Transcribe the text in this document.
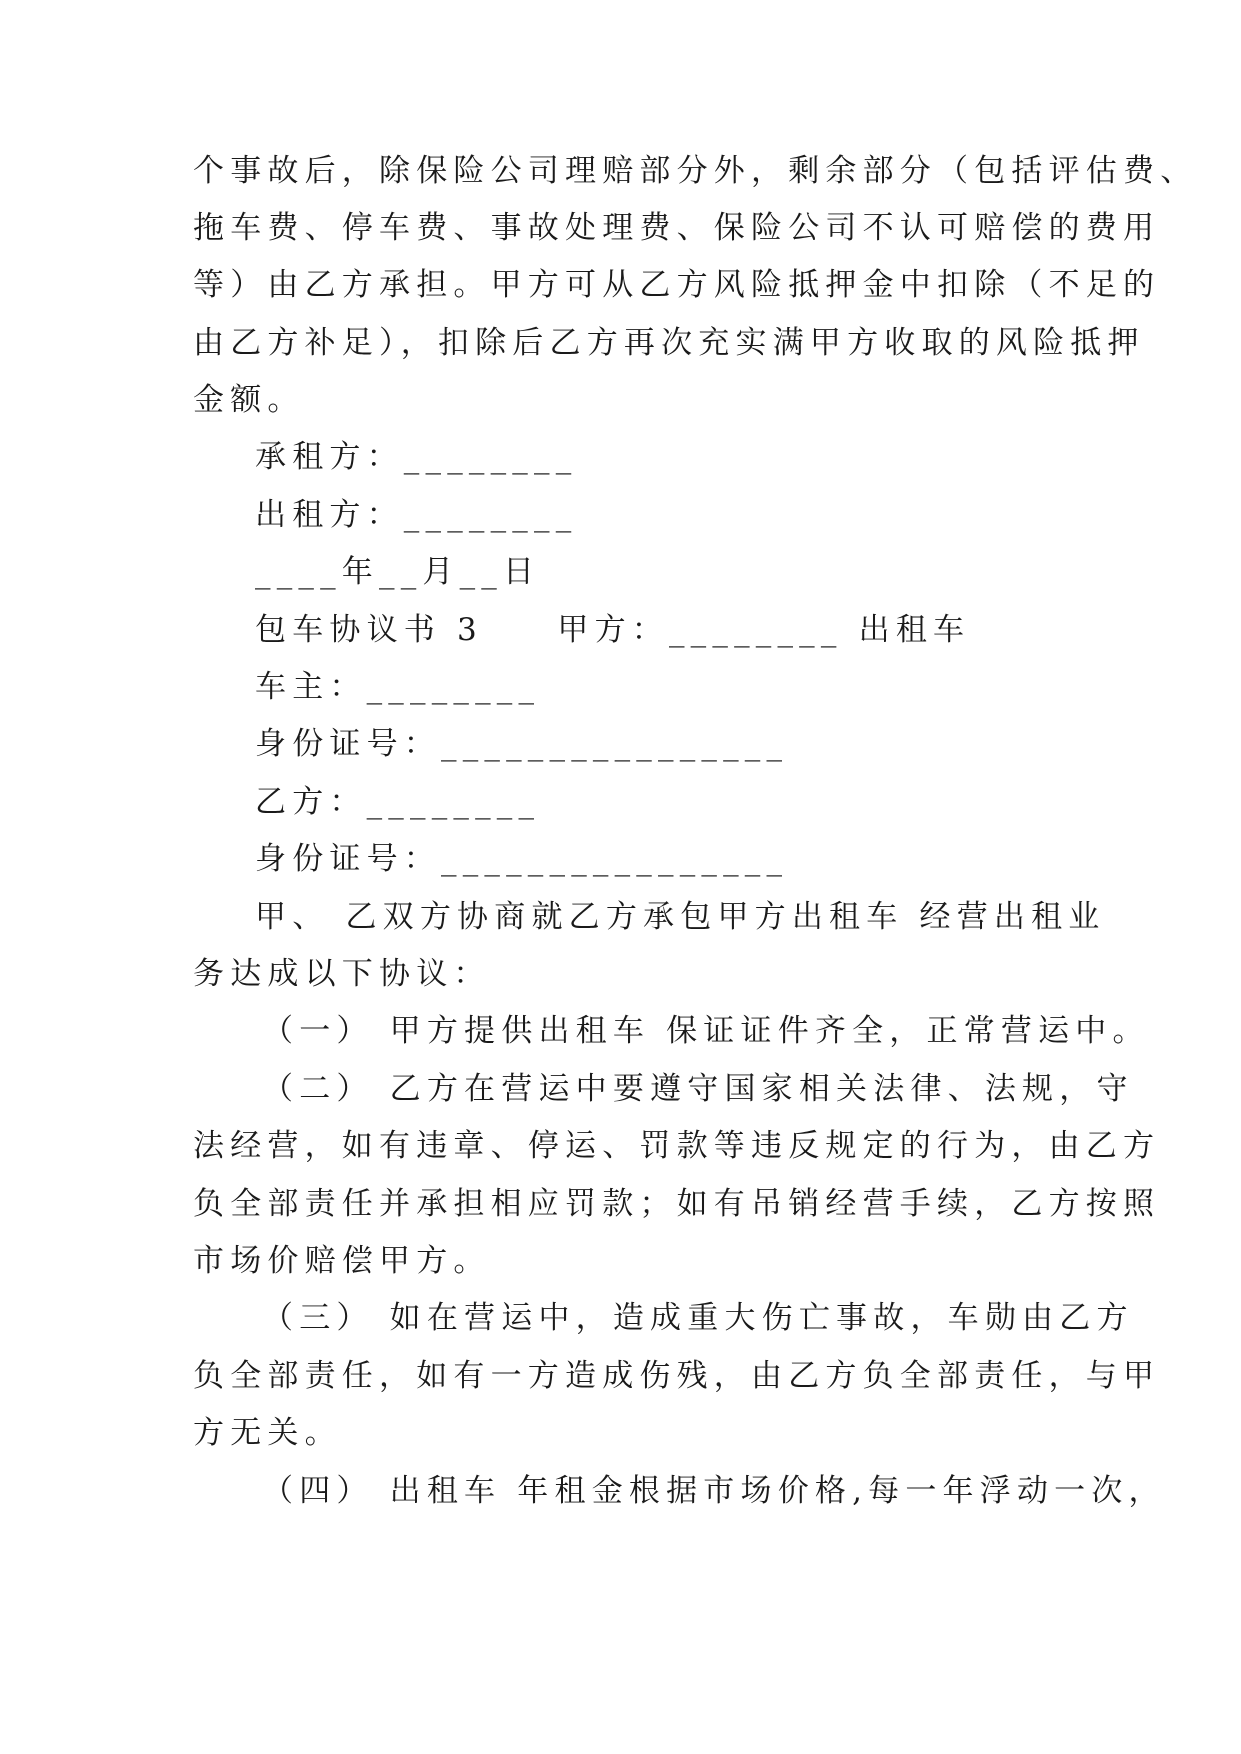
个事故后，除保险公司理赔部分外，剩余部分（包括评估费、
拖车费、停车费、事故处理费、保险公司不认可赔偿的费用
等）由乙方承担。甲方可从乙方风险抵押金中扣除（不足的
由乙方补足），扣除后乙方再次充实满甲方收取的风险抵押
金额。
承租方：________
出租方：________
____年__月__日
包车协议书 3　　甲方：________ 出租车
车主：________
身份证号：________________
乙方：________
身份证号：________________
甲、 乙双方协商就乙方承包甲方出租车 经营出租业
务达成以下协议：
（一） 甲方提供出租车 保证证件齐全，正常营运中。
（二） 乙方在营运中要遵守国家相关法律、法规，守
法经营，如有违章、停运、罚款等违反规定的行为，由乙方
负全部责任并承担相应罚款；如有吊销经营手续，乙方按照
市场价赔偿甲方。
（三） 如在营运中，造成重大伤亡事故，车勋由乙方
负全部责任，如有一方造成伤残，由乙方负全部责任，与甲
方无关。
（四） 出租车 年租金根据市场价格,每一年浮动一次，
